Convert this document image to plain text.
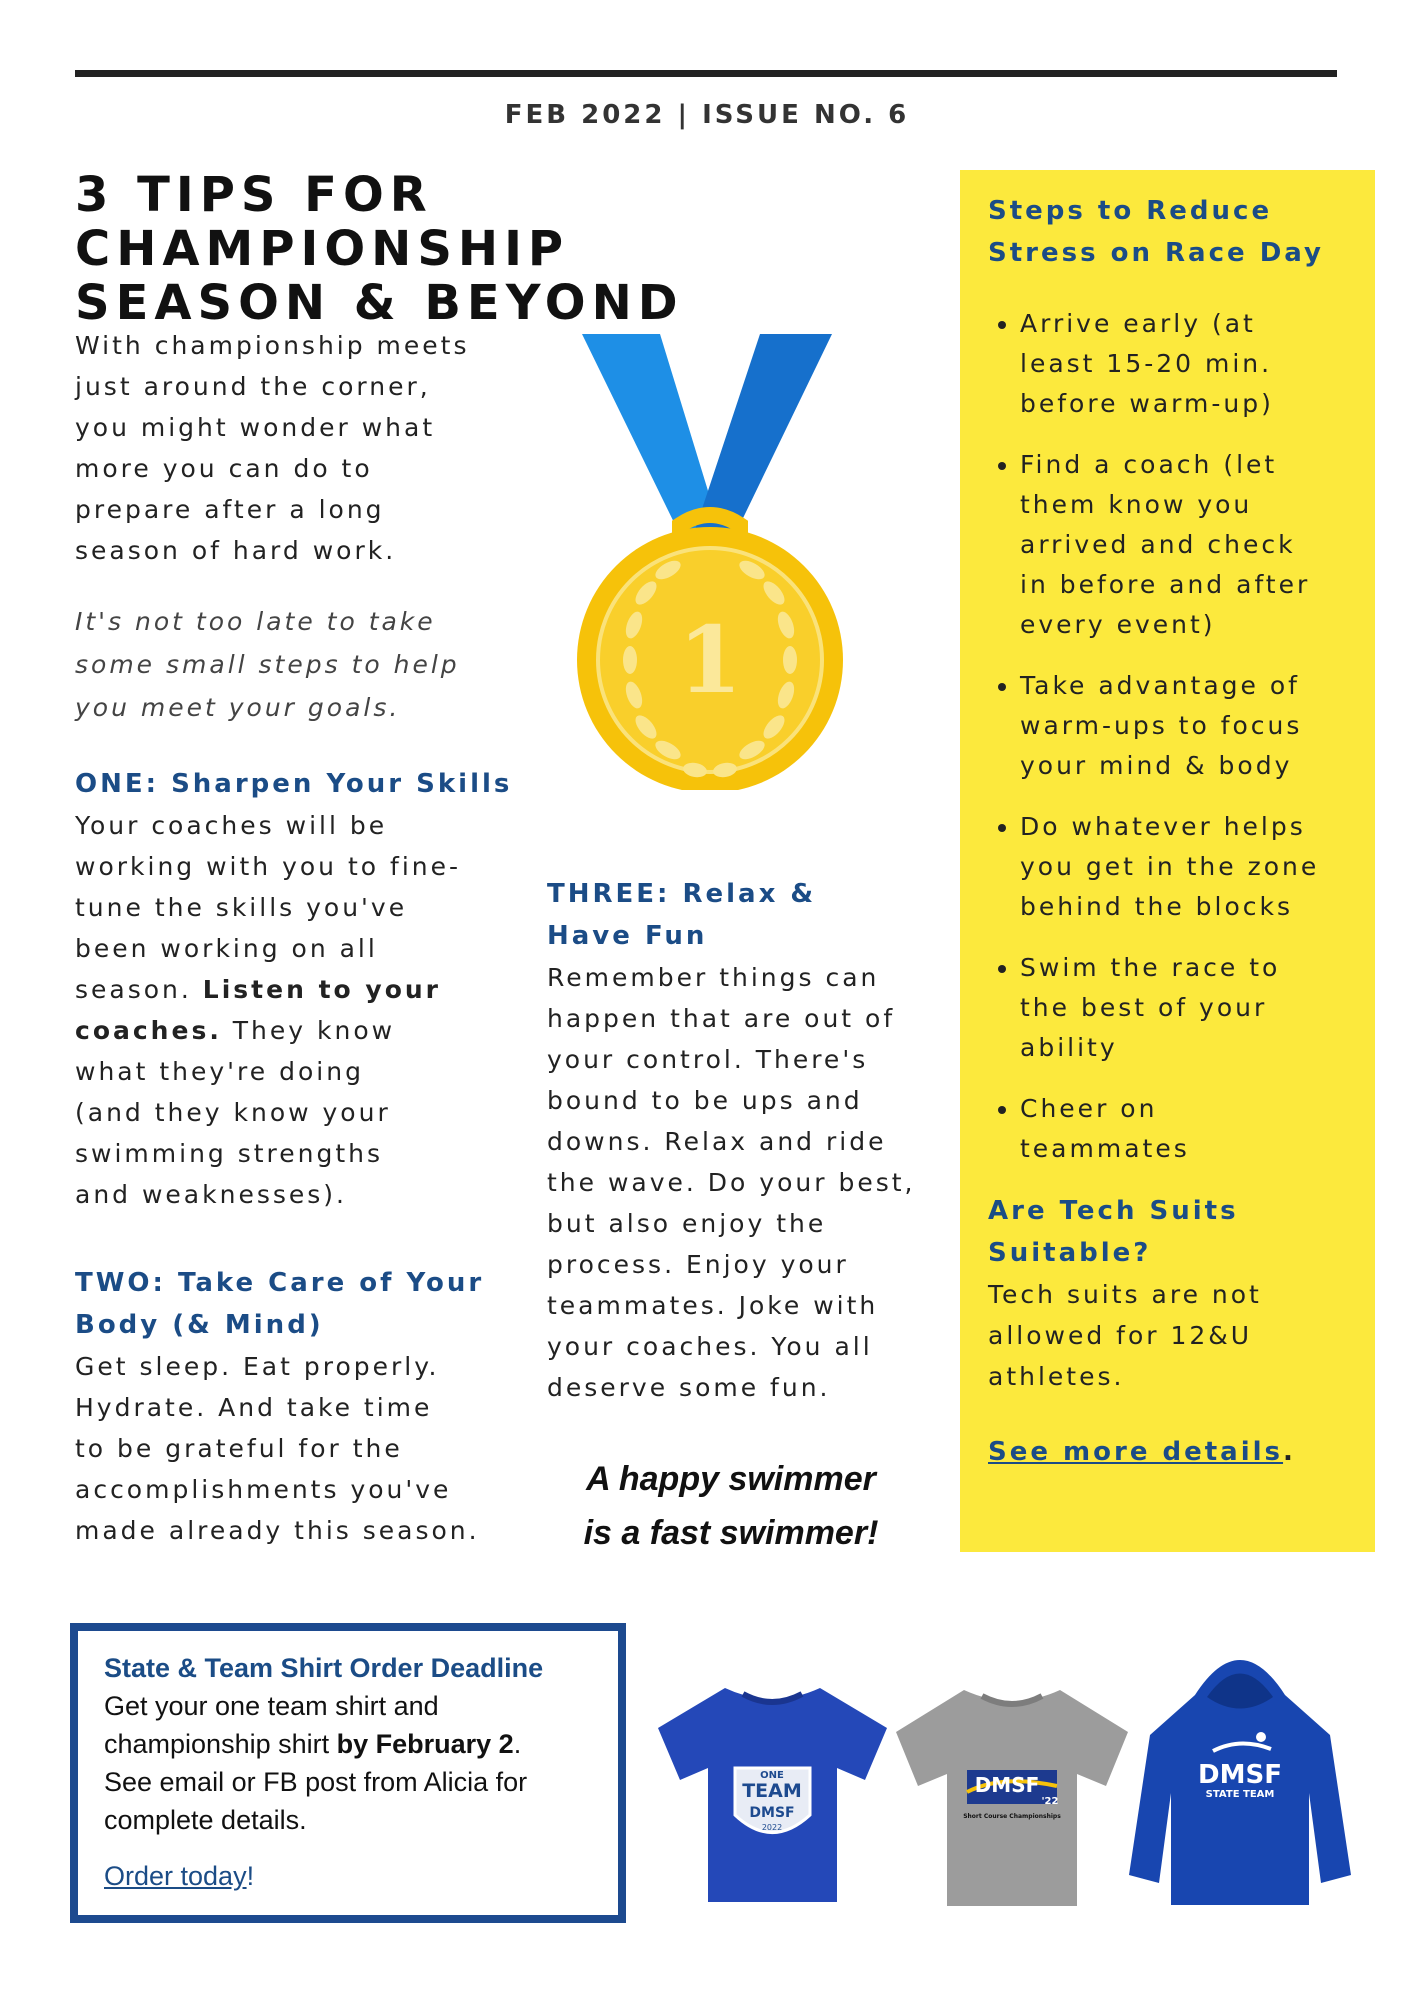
FEB 2022 | ISSUE NO. 6
3 TIPS FOR CHAMPIONSHIP
SEASON & BEYOND
With championship meets
just around the corner,
you might wonder what
more you can do to
prepare after a long
season of hard work.
It's not too late to take
some small steps to help
you meet your goals.
ONE: Sharpen Your Skills
Your coaches will be
working with you to fine-
tune the skills you've
been working on all
season. Listen to your
coaches. They know
what they're doing
(and they know your
swimming strengths
and weaknesses).
TWO: Take Care of Your
Body (& Mind)
Get sleep. Eat properly.
Hydrate. And take time
to be grateful for the
accomplishments you've
made already this season.
1
THREE: Relax &
Have Fun
Remember things can
happen that are out of
your control. There's
bound to be ups and
downs. Relax and ride
the wave. Do your best,
but also enjoy the
process. Enjoy your
teammates. Joke with
your coaches. You all
deserve some fun.
A happy swimmer
is a fast swimmer!
Steps to Reduce
Stress on Race Day
• Arrive early (at
least 15-20 min.
before warm-up)
• Find a coach (let
them know you
arrived and check
in before and after
every event)
• Take advantage of
warm-ups to focus
your mind & body
• Do whatever helps
you get in the zone
behind the blocks
• Swim the race to
the best of your
ability
• Cheer on
teammates
Are Tech Suits
Suitable?
Tech suits are not
allowed for 12&U
athletes.
See more details.
State & Team Shirt Order Deadline
Get your one team shirt and
championship shirt by February 2.
See email or FB post from Alicia for
complete details.
Order today!
ONE
TEAM
DMSF
2022
DMSF
'22
Short Course Championships
DMSF
STATE TEAM
